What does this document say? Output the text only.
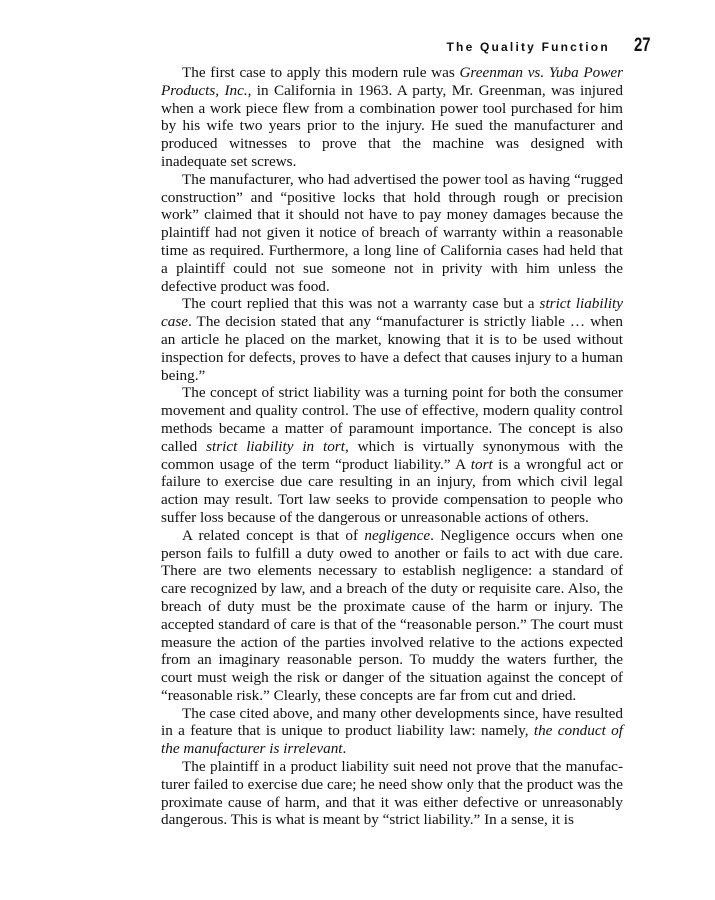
The Quality Function 27

The first case to apply this modern rule was Greenman vs. Yuba Power Products, Inc., in California in 1963. A party, Mr. Greenman, was injured when a work piece flew from a combination power tool purchased for him by his wife two years prior to the injury. He sued the manufacturer and produced witnesses to prove that the machine was designed with inadequate set screws.

The manufacturer, who had advertised the power tool as having “rugged construction” and “positive locks that hold through rough or precision work” claimed that it should not have to pay money damages because the plaintiff had not given it notice of breach of warranty within a reasonable time as required. Furthermore, a long line of California cases had held that a plaintiff could not sue someone not in privity with him unless the defective product was food.

The court replied that this was not a warranty case but a strict liability case. The decision stated that any “manufacturer is strictly liable … when an article he placed on the market, knowing that it is to be used without inspection for defects, proves to have a defect that causes injury to a human being.”

The concept of strict liability was a turning point for both the consumer movement and quality control. The use of effective, modern quality control methods became a matter of paramount importance. The concept is also called strict liability in tort, which is virtually synonymous with the common usage of the term “product liability.” A tort is a wrongful act or failure to exercise due care resulting in an injury, from which civil legal action may result. Tort law seeks to provide compensation to people who suffer loss because of the dangerous or unreasonable actions of others.

A related concept is that of negligence. Negligence occurs when one person fails to fulfill a duty owed to another or fails to act with due care. There are two elements necessary to establish negligence: a standard of care recognized by law, and a breach of the duty or requisite care. Also, the breach of duty must be the proximate cause of the harm or injury. The accepted standard of care is that of the “reasonable person.” The court must measure the action of the parties involved relative to the actions expected from an imaginary reasonable person. To muddy the waters further, the court must weigh the risk or danger of the situation against the concept of “reasonable risk.” Clearly, these concepts are far from cut and dried.

The case cited above, and many other developments since, have resulted in a feature that is unique to product liability law: namely, the conduct of the manufacturer is irrelevant.

The plaintiff in a product liability suit need not prove that the manufacturer failed to exercise due care; he need show only that the product was the proximate cause of harm, and that it was either defective or unreasonably dangerous. This is what is meant by “strict liability.” In a sense, it is
